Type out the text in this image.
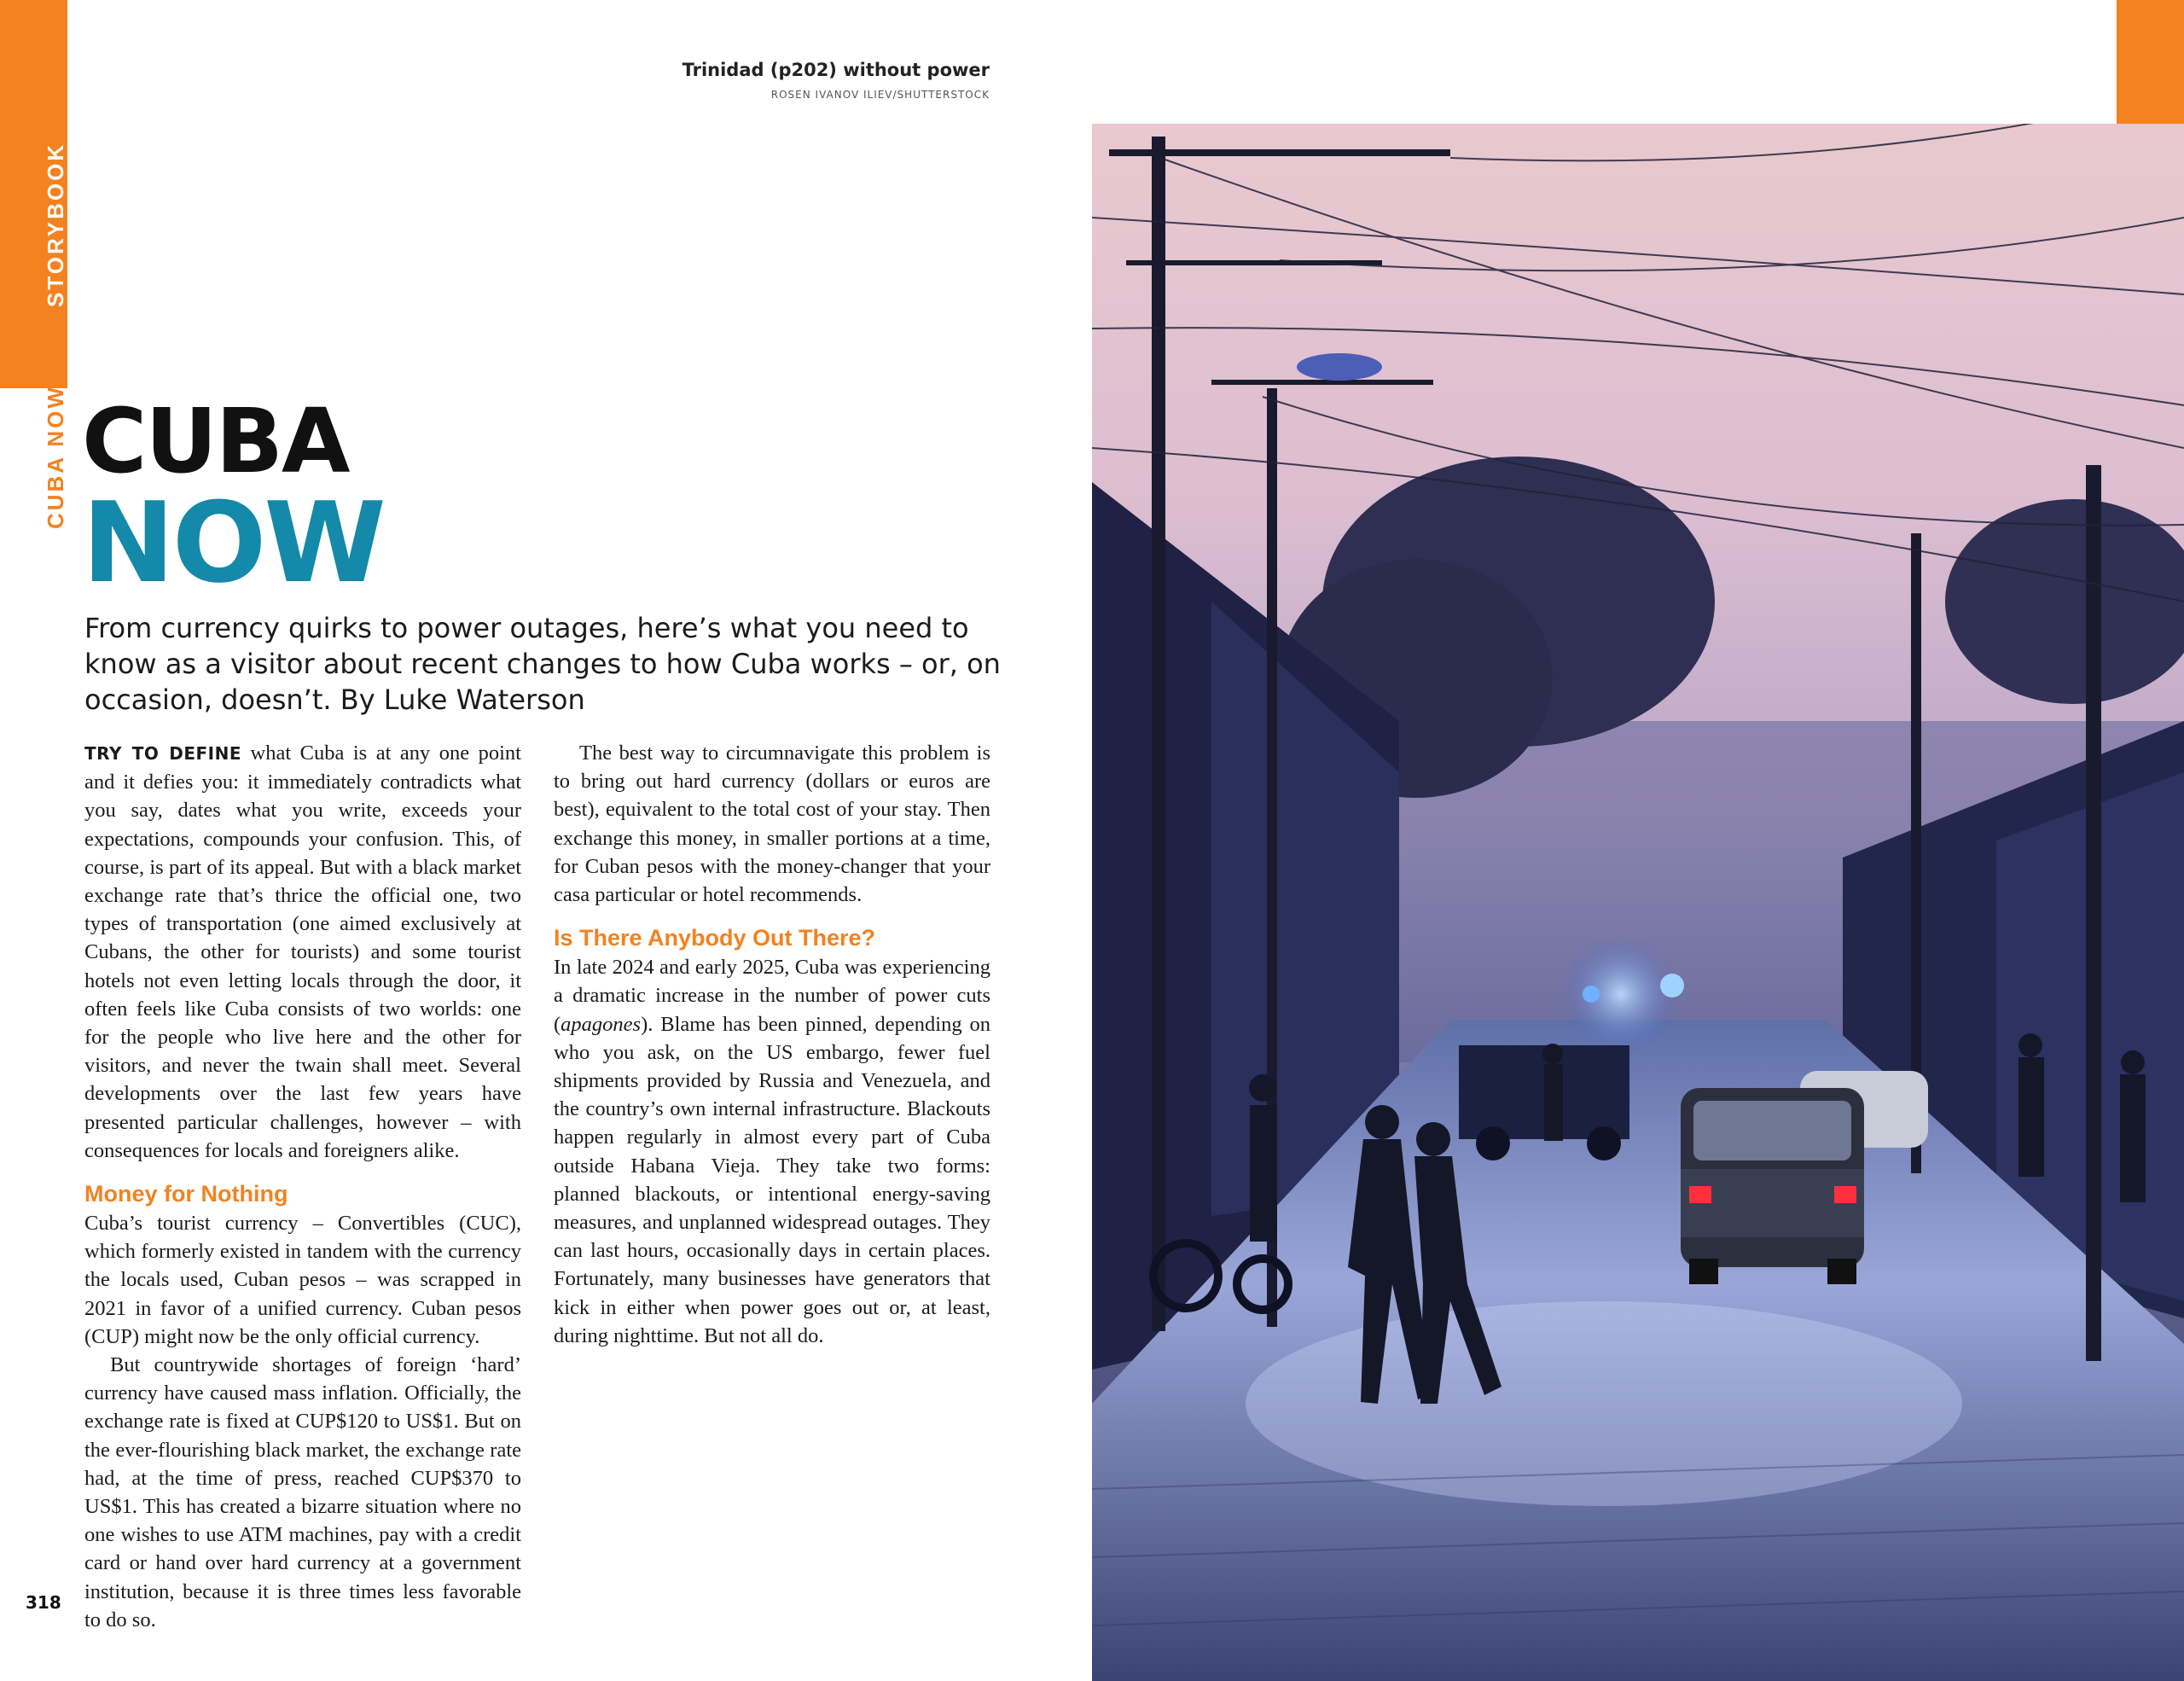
STORYBOOK
CUBA NOW
Trinidad (p202) without power
ROSEN IVANOV ILIEV/SHUTTERSTOCK
CUBA
NOW
From currency quirks to power outages, here’s what you need to know as a visitor about recent changes to how Cuba works – or, on occasion, doesn’t. By Luke Waterson

TRY TO DEFINE what Cuba is at any one point and it defies you: it immediately contradicts what you say, dates what you write, exceeds your expectations, compounds your confusion. This, of course, is part of its appeal. But with a black market exchange rate that’s thrice the official one, two types of transportation (one aimed exclusively at Cubans, the other for tourists) and some tourist hotels not even letting locals through the door, it often feels like Cuba consists of two worlds: one for the people who live here and the other for visitors, and never the twain shall meet. Several developments over the last few years have presented particular challenges, however – with consequences for locals and foreigners alike.

Money for Nothing

Cuba’s tourist currency – Convertibles (CUC), which formerly existed in tandem with the currency the locals used, Cuban pesos – was scrapped in 2021 in favor of a unified currency. Cuban pesos (CUP) might now be the only official currency.

But countrywide shortages of foreign ‘hard’ currency have caused mass inflation. Officially, the exchange rate is fixed at CUP$120 to US$1. But on the ever-flourishing black market, the exchange rate had, at the time of press, reached CUP$370 to US$1. This has created a bizarre situation where no one wishes to use ATM machines, pay with a credit card or hand over hard currency at a government institution, because it is three times less favorable to do so.

The best way to circumnavigate this problem is to bring out hard currency (dollars or euros are best), equivalent to the total cost of your stay. Then exchange this money, in smaller portions at a time, for Cuban pesos with the money-changer that your casa particular or hotel recommends.

Is There Anybody Out There?

In late 2024 and early 2025, Cuba was experiencing a dramatic increase in the number of power cuts (apagones). Blame has been pinned, depending on who you ask, on the US embargo, fewer fuel shipments provided by Russia and Venezuela, and the country’s own internal infrastructure. Blackouts happen regularly in almost every part of Cuba outside Habana Vieja. They take two forms: planned blackouts, or intentional energy-saving measures, and unplanned widespread outages. They can last hours, occasionally days in certain places. Fortunately, many businesses have generators that kick in either when power goes out or, at least, during nighttime. But not all do.

318
